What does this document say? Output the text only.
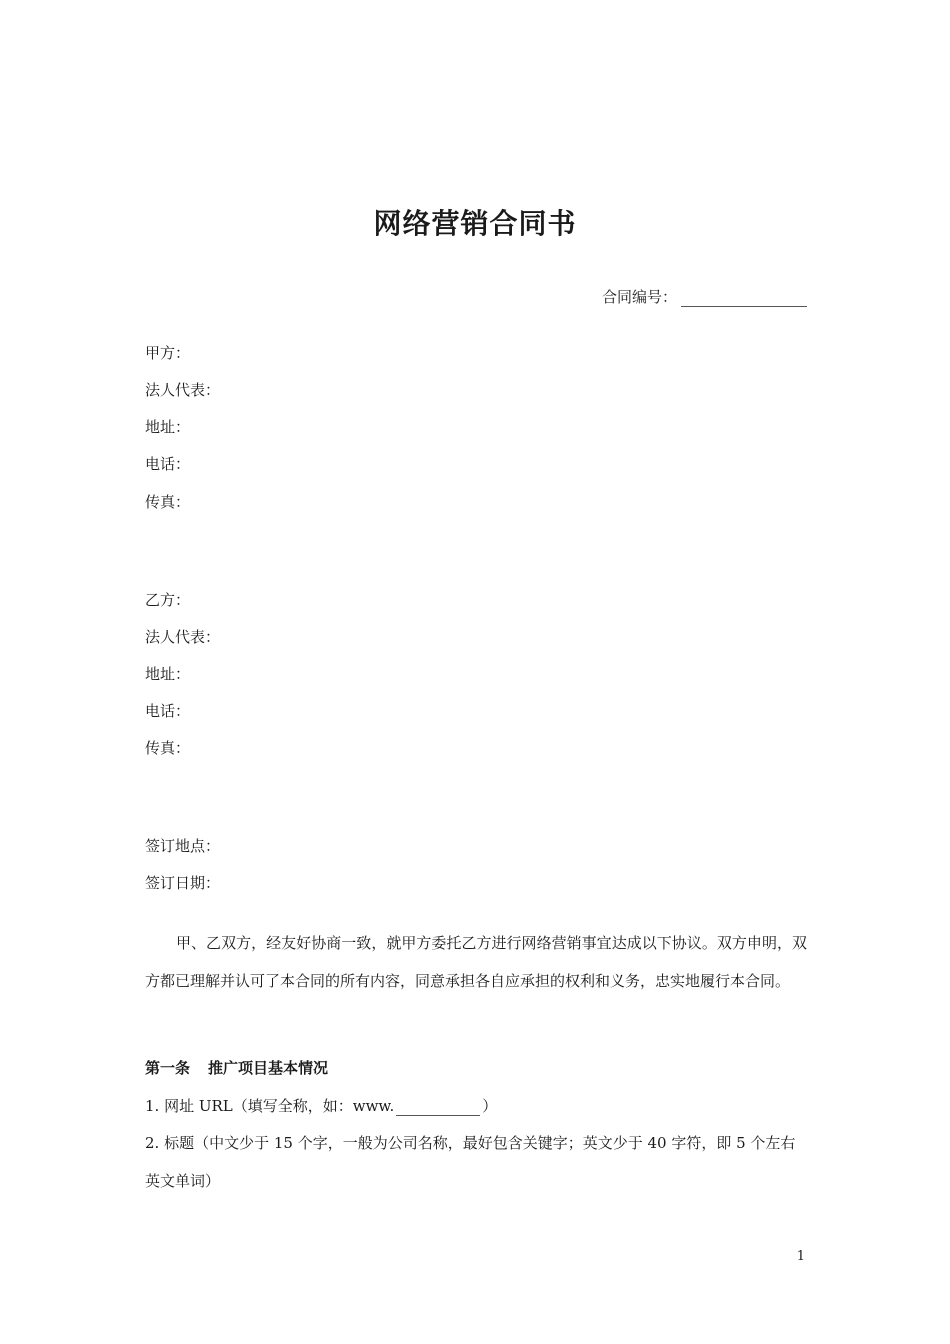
网络营销合同书
合同编号：
甲方：
法人代表：
地址：
电话：
传真：
乙方：
法人代表：
地址：
电话：
传真：
签订地点：
签订日期：
甲、乙双方，经友好协商一致，就甲方委托乙方进行网络营销事宜达成以下协议。双方申明，双方都已理解并认可了本合同的所有内容，同意承担各自应承担的权利和义务，忠实地履行本合同。
第一条 推广项目基本情况
1. 网址 URL（填写全称，如：www.	）
2. 标题（中文少于 15 个字，一般为公司名称，最好包含关键字；英文少于 40 字符，即 5 个左右英文单词）
1
